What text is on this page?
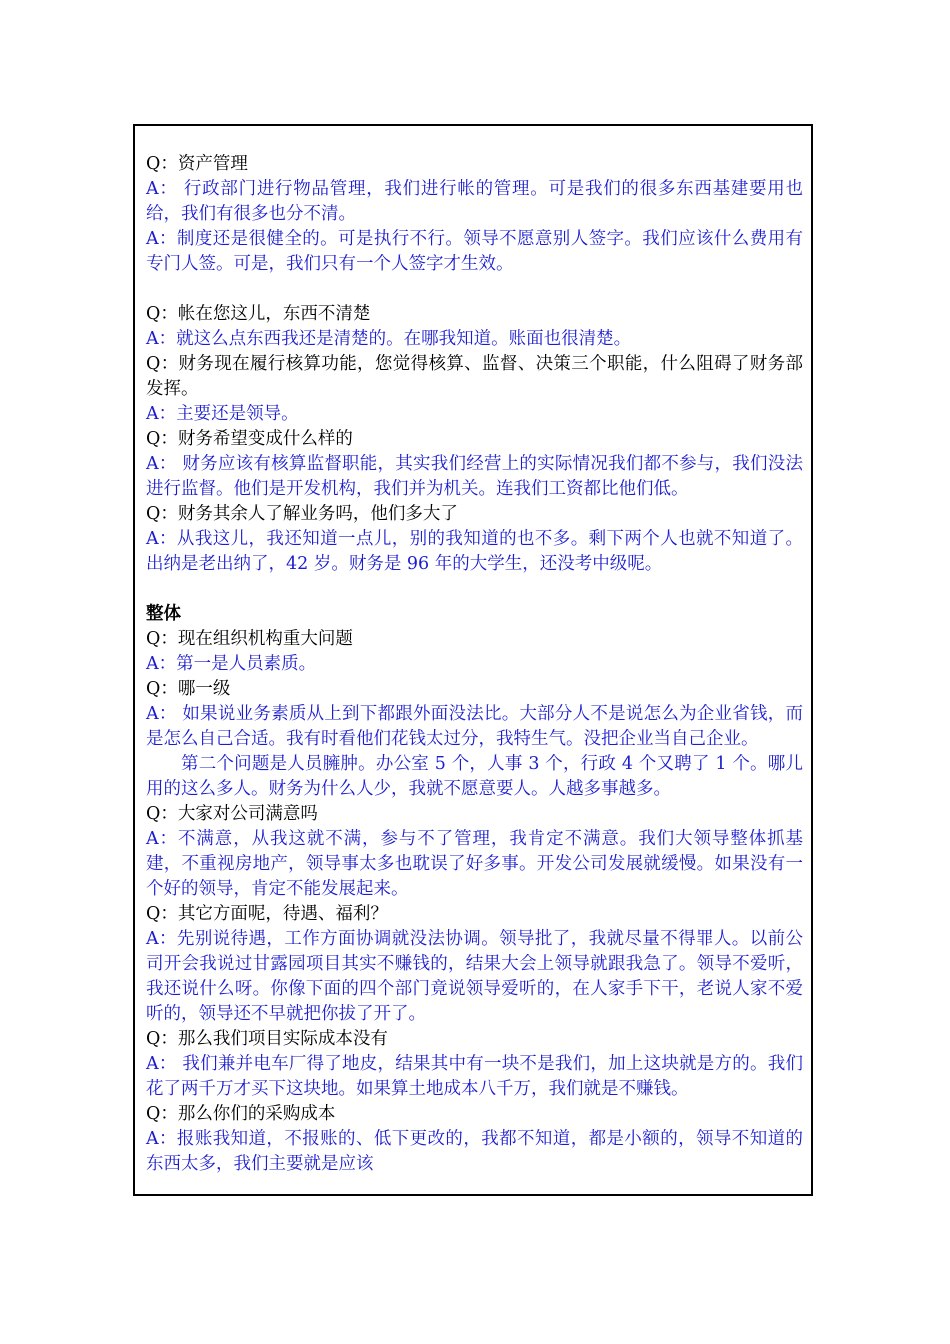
Q：资产管理

A： 行政部门进行物品管理，我们进行帐的管理。可是我们的很多东西基建要用也给，我们有很多也分不清。

A：制度还是很健全的。可是执行不行。领导不愿意别人签字。我们应该什么费用有专门人签。可是，我们只有一个人签字才生效。

Q：帐在您这儿，东西不清楚

A：就这么点东西我还是清楚的。在哪我知道。账面也很清楚。

Q：财务现在履行核算功能，您觉得核算、监督、决策三个职能，什么阻碍了财务部发挥。

A：主要还是领导。

Q：财务希望变成什么样的

A： 财务应该有核算监督职能，其实我们经营上的实际情况我们都不参与，我们没法进行监督。他们是开发机构，我们并为机关。连我们工资都比他们低。

Q：财务其余人了解业务吗，他们多大了

A：从我这儿，我还知道一点儿，别的我知道的也不多。剩下两个人也就不知道了。出纳是老出纳了，42 岁。财务是 96 年的大学生，还没考中级呢。

整体

Q：现在组织机构重大问题

A：第一是人员素质。

Q：哪一级

A： 如果说业务素质从上到下都跟外面没法比。大部分人不是说怎么为企业省钱，而是怎么自己合适。我有时看他们花钱太过分，我特生气。没把企业当自己企业。

第二个问题是人员臃肿。办公室 5 个，人事 3 个，行政 4 个又聘了 1 个。哪儿用的这么多人。财务为什么人少，我就不愿意要人。人越多事越多。

Q：大家对公司满意吗

A：不满意，从我这就不满，参与不了管理，我肯定不满意。我们大领导整体抓基建，不重视房地产，领导事太多也耽误了好多事。开发公司发展就缓慢。如果没有一个好的领导，肯定不能发展起来。

Q：其它方面呢，待遇、福利？

A：先别说待遇，工作方面协调就没法协调。领导批了，我就尽量不得罪人。以前公司开会我说过甘露园项目其实不赚钱的，结果大会上领导就跟我急了。领导不爱听，我还说什么呀。你像下面的四个部门竟说领导爱听的，在人家手下干，老说人家不爱听的，领导还不早就把你拔了开了。

Q：那么我们项目实际成本没有

A： 我们兼并电车厂得了地皮，结果其中有一块不是我们，加上这块就是方的。我们花了两千万才买下这块地。如果算土地成本八千万，我们就是不赚钱。

Q：那么你们的采购成本

A：报账我知道，不报账的、低下更改的，我都不知道，都是小额的，领导不知道的东西太多，我们主要就是应该
